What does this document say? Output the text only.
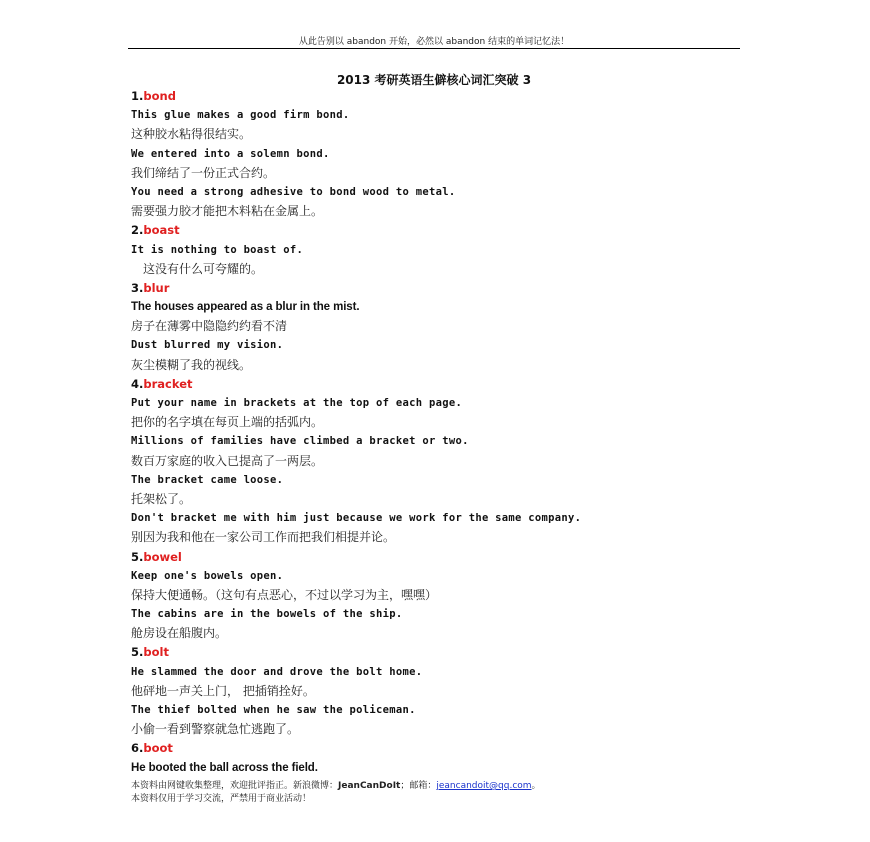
从此告别以 abandon 开始，必然以 abandon 结束的单词记忆法！
2013 考研英语生僻核心词汇突破 3
1.bond
This glue makes a good firm bond.
这种胶水粘得很结实。
We entered into a solemn bond.
我们缔结了一份正式合约。
You need a strong adhesive to bond wood to metal.
需要强力胶才能把木料粘在金属上。
2.boast
It is nothing to boast of.
这没有什么可夸耀的。
3.blur
The houses appeared as a blur in the mist.
房子在薄雾中隐隐约约看不清
Dust blurred my vision.
灰尘模糊了我的视线。
4.bracket
Put your name in brackets at the top of each page.
把你的名字填在每页上端的括弧内。
Millions of families have climbed a bracket or two.
数百万家庭的收入已提高了一两层。
The bracket came loose.
托架松了。
Don't bracket me with him just because we work for the same company.
别因为我和他在一家公司工作而把我们相提并论。
5.bowel
Keep one's bowels open.
保持大便通畅。（这句有点恶心，不过以学习为主，嘿嘿）
The cabins are in the bowels of the ship.
舱房设在船腹内。
5.bolt
He slammed the door and drove the bolt home.
他砰地一声关上门， 把插销拴好。
The thief bolted when he saw the policeman.
小偷一看到警察就急忙逃跑了。
6.boot
He booted the ball across the field.
本资料由网键收集整理，欢迎批评指正。新浪微博：JeanCanDoIt；邮箱：jeancandoit@qq.com。
本资料仅用于学习交流，严禁用于商业活动！
